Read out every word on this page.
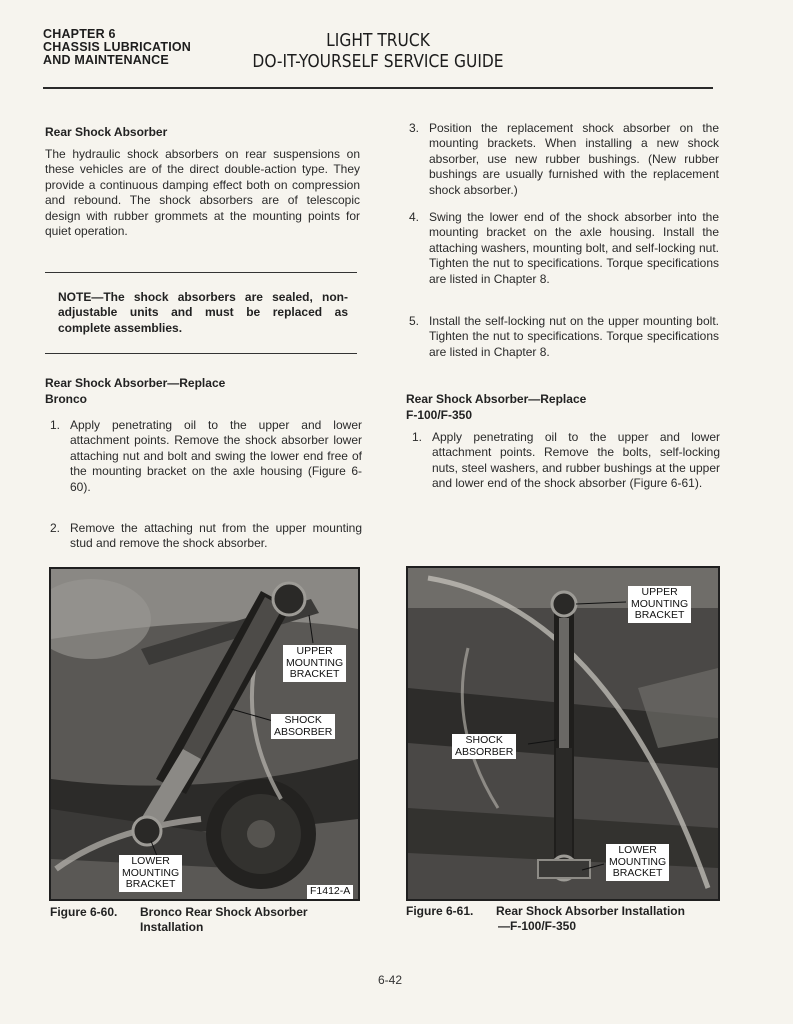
CHAPTER 6
CHASSIS LUBRICATION
AND MAINTENANCE
LIGHT TRUCK
DO-IT-YOURSELF SERVICE GUIDE
Rear Shock Absorber
The hydraulic shock absorbers on rear suspensions on these vehicles are of the direct double-action type. They provide a continuous damping effect both on compression and rebound. The shock absorbers are of telescopic design with rubber grommets at the mounting points for quiet operation.
NOTE—The shock absorbers are sealed, non-adjustable units and must be replaced as complete assemblies.
Rear Shock Absorber—Replace
Bronco
1. Apply penetrating oil to the upper and lower attachment points. Remove the shock absorber lower attaching nut and bolt and swing the lower end free of the mounting bracket on the axle housing (Figure 6-60).
2. Remove the attaching nut from the upper mounting stud and remove the shock absorber.
3. Position the replacement shock absorber on the mounting brackets. When installing a new shock absorber, use new rubber bushings. (New rubber bushings are usually furnished with the replacement shock absorber.)
4. Swing the lower end of the shock absorber into the mounting bracket on the axle housing. Install the attaching washers, mounting bolt, and self-locking nut. Tighten the nut to specifications. Torque specifications are listed in Chapter 8.
5. Install the self-locking nut on the upper mounting bolt. Tighten the nut to specifications. Torque specifications are listed in Chapter 8.
Rear Shock Absorber—Replace
F-100/F-350
1. Apply penetrating oil to the upper and lower attachment points. Remove the bolts, self-locking nuts, steel washers, and rubber bushings at the upper and lower end of the shock absorber (Figure 6-61).
UPPER
MOUNTING
BRACKET
SHOCK
ABSORBER
LOWER
MOUNTING
BRACKET
F1412-A
Figure 6-60.	Bronco Rear Shock Absorber
Installation
UPPER
MOUNTING
BRACKET
SHOCK
ABSORBER
LOWER
MOUNTING
BRACKET
Figure 6-61.	Rear Shock Absorber Installation
—F-100/F-350
6-42
